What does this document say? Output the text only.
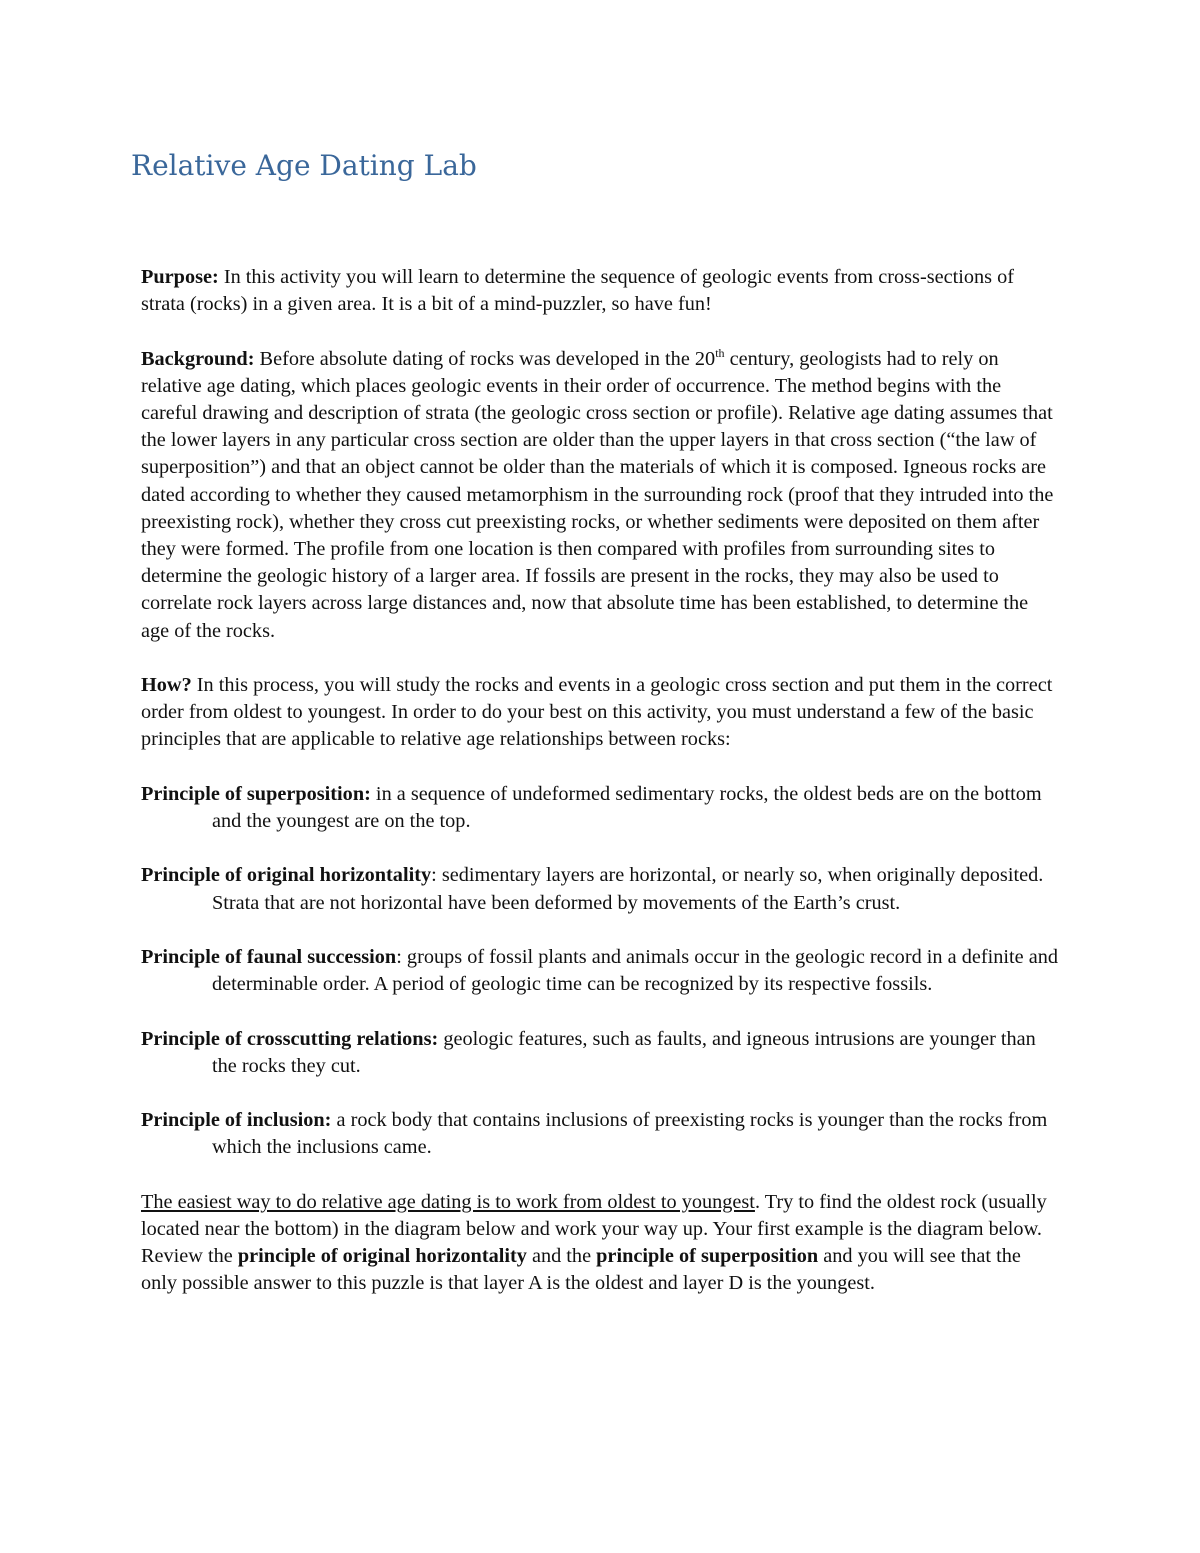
Relative Age Dating Lab

Purpose: In this activity you will learn to determine the sequence of geologic events from cross-sections of strata (rocks) in a given area. It is a bit of a mind-puzzler, so have fun!

Background: Before absolute dating of rocks was developed in the 20th century, geologists had to rely on relative age dating, which places geologic events in their order of occurrence. The method begins with the careful drawing and description of strata (the geologic cross section or profile). Relative age dating assumes that the lower layers in any particular cross section are older than the upper layers in that cross section (“the law of superposition”) and that an object cannot be older than the materials of which it is composed. Igneous rocks are dated according to whether they caused metamorphism in the surrounding rock (proof that they intruded into the preexisting rock), whether they cross cut preexisting rocks, or whether sediments were deposited on them after they were formed. The profile from one location is then compared with profiles from surrounding sites to determine the geologic history of a larger area. If fossils are present in the rocks, they may also be used to correlate rock layers across large distances and, now that absolute time has been established, to determine the age of the rocks.

How? In this process, you will study the rocks and events in a geologic cross section and put them in the correct order from oldest to youngest. In order to do your best on this activity, you must understand a few of the basic principles that are applicable to relative age relationships between rocks:

Principle of superposition: in a sequence of undeformed sedimentary rocks, the oldest beds are on the bottom and the youngest are on the top.

Principle of original horizontality: sedimentary layers are horizontal, or nearly so, when originally deposited. Strata that are not horizontal have been deformed by movements of the Earth’s crust.

Principle of faunal succession: groups of fossil plants and animals occur in the geologic record in a definite and determinable order. A period of geologic time can be recognized by its respective fossils.

Principle of crosscutting relations: geologic features, such as faults, and igneous intrusions are younger than the rocks they cut.

Principle of inclusion: a rock body that contains inclusions of preexisting rocks is younger than the rocks from which the inclusions came.

The easiest way to do relative age dating is to work from oldest to youngest. Try to find the oldest rock (usually located near the bottom) in the diagram below and work your way up. Your first example is the diagram below. Review the principle of original horizontality and the principle of superposition and you will see that the only possible answer to this puzzle is that layer A is the oldest and layer D is the youngest.
